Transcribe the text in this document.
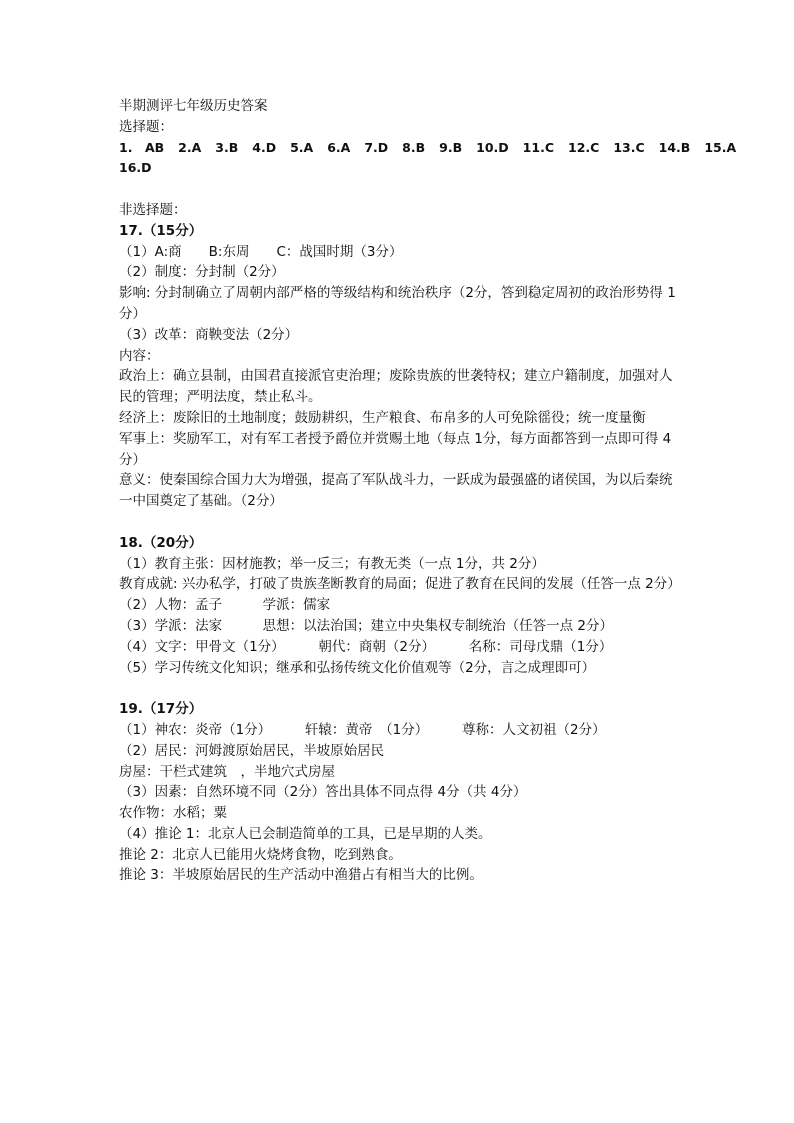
半期测评七年级历史答案
选择题：
1.　AB 2.A 3.B 4.D 5.A 6.A 7.D 8.B 9.B 10.D 11.C 12.C 13.C 14.B 15.A
16.D
非选择题：
17.（15分）
（1）A:商　　B:东周　　C：战国时期（3分）
（2）制度：分封制（2分）
影响: 分封制确立了周朝内部严格的等级结构和统治秩序（2分，答到稳定周初的政治形势得 1分）
（3）改革：商鞅变法（2分）
内容：
政治上：确立县制，由国君直接派官吏治理；废除贵族的世袭特权；建立户籍制度，加强对人民的管理；严明法度，禁止私斗。
经济上：废除旧的土地制度；鼓励耕织，生产粮食、布帛多的人可免除徭役；统一度量衡
军事上：奖励军工，对有军工者授予爵位并赏赐土地（每点 1分，每方面都答到一点即可得 4分）
意义：使秦国综合国力大为增强，提高了军队战斗力，一跃成为最强盛的诸侯国，为以后秦统一中国奠定了基础。（2分）
18.（20分）
（1）教育主张：因材施教；举一反三；有教无类（一点 1分，共 2分）
教育成就: 兴办私学，打破了贵族垄断教育的局面；促进了教育在民间的发展（任答一点 2分）
（2）人物：孟子　　　学派：儒家
（3）学派：法家　　　思想：以法治国；建立中央集权专制统治（任答一点 2分）
（4）文字：甲骨文（1分）　　　朝代：商朝（2分）　　　名称：司母戊鼎（1分）
（5）学习传统文化知识；继承和弘扬传统文化价值观等（2分，言之成理即可）
19.（17分）
（1）神农：炎帝（1分）　　　轩辕：黄帝　（1分）　　　尊称：人文初祖（2分）
（2）居民：河姆渡原始居民，半坡原始居民
房屋：干栏式建筑　，半地穴式房屋
（3）因素：自然环境不同（2分）答出具体不同点得 4分（共 4分）
农作物：水稻；粟
（4）推论 1：北京人已会制造简单的工具，已是早期的人类。
推论 2：北京人已能用火烧烤食物，吃到熟食。
推论 3：半坡原始居民的生产活动中渔猎占有相当大的比例。
